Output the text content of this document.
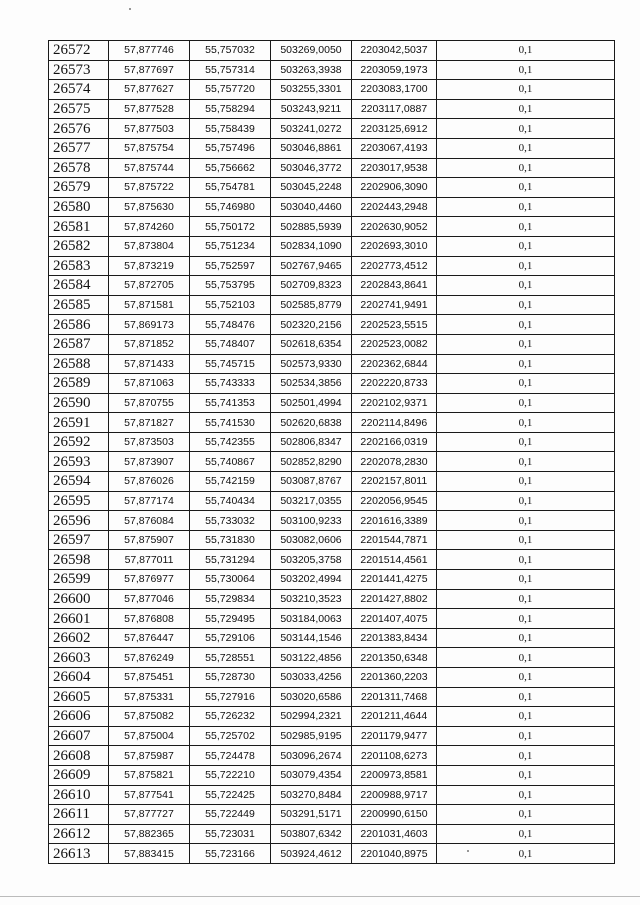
26572	57,877746	55,757032	503269,0050	2203042,5037	0,1
26573	57,877697	55,757314	503263,3938	2203059,1973	0,1
26574	57,877627	55,757720	503255,3301	2203083,1700	0,1
26575	57,877528	55,758294	503243,9211	2203117,0887	0,1
26576	57,877503	55,758439	503241,0272	2203125,6912	0,1
26577	57,875754	55,757496	503046,8861	2203067,4193	0,1
26578	57,875744	55,756662	503046,3772	2203017,9538	0,1
26579	57,875722	55,754781	503045,2248	2202906,3090	0,1
26580	57,875630	55,746980	503040,4460	2202443,2948	0,1
26581	57,874260	55,750172	502885,5939	2202630,9052	0,1
26582	57,873804	55,751234	502834,1090	2202693,3010	0,1
26583	57,873219	55,752597	502767,9465	2202773,4512	0,1
26584	57,872705	55,753795	502709,8323	2202843,8641	0,1
26585	57,871581	55,752103	502585,8779	2202741,9491	0,1
26586	57,869173	55,748476	502320,2156	2202523,5515	0,1
26587	57,871852	55,748407	502618,6354	2202523,0082	0,1
26588	57,871433	55,745715	502573,9330	2202362,6844	0,1
26589	57,871063	55,743333	502534,3856	2202220,8733	0,1
26590	57,870755	55,741353	502501,4994	2202102,9371	0,1
26591	57,871827	55,741530	502620,6838	2202114,8496	0,1
26592	57,873503	55,742355	502806,8347	2202166,0319	0,1
26593	57,873907	55,740867	502852,8290	2202078,2830	0,1
26594	57,876026	55,742159	503087,8767	2202157,8011	0,1
26595	57,877174	55,740434	503217,0355	2202056,9545	0,1
26596	57,876084	55,733032	503100,9233	2201616,3389	0,1
26597	57,875907	55,731830	503082,0606	2201544,7871	0,1
26598	57,877011	55,731294	503205,3758	2201514,4561	0,1
26599	57,876977	55,730064	503202,4994	2201441,4275	0,1
26600	57,877046	55,729834	503210,3523	2201427,8802	0,1
26601	57,876808	55,729495	503184,0063	2201407,4075	0,1
26602	57,876447	55,729106	503144,1546	2201383,8434	0,1
26603	57,876249	55,728551	503122,4856	2201350,6348	0,1
26604	57,875451	55,728730	503033,4256	2201360,2203	0,1
26605	57,875331	55,727916	503020,6586	2201311,7468	0,1
26606	57,875082	55,726232	502994,2321	2201211,4644	0,1
26607	57,875004	55,725702	502985,9195	2201179,9477	0,1
26608	57,875987	55,724478	503096,2674	2201108,6273	0,1
26609	57,875821	55,722210	503079,4354	2200973,8581	0,1
26610	57,877541	55,722425	503270,8484	2200988,9717	0,1
26611	57,877727	55,722449	503291,5171	2200990,6150	0,1
26612	57,882365	55,723031	503807,6342	2201031,4603	0,1
26613	57,883415	55,723166	503924,4612	2201040,8975	0,1
